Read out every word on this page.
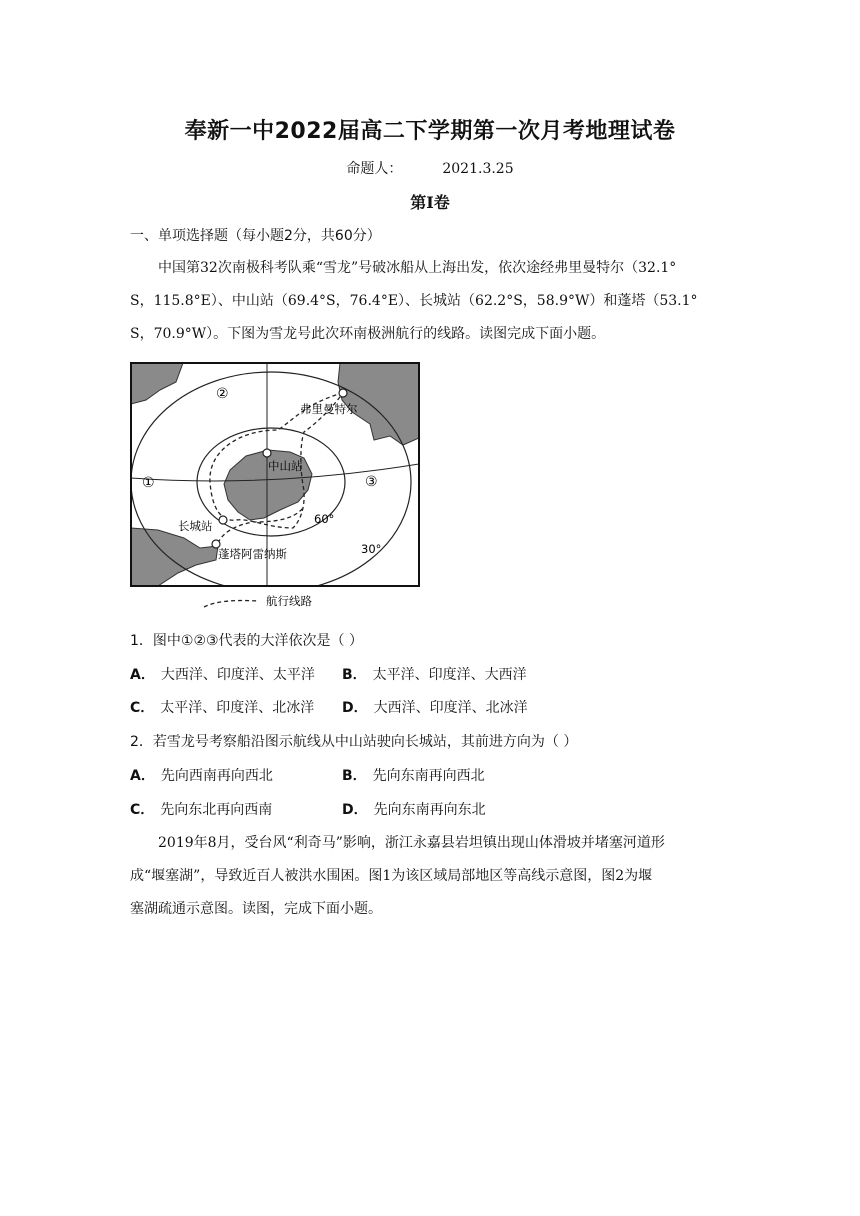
奉新一中2022届高二下学期第一次月考地理试卷
命题人：	2021.3.25
第Ⅰ卷
一、单项选择题（每小题2分，共60分）

中国第32次南极科考队乘“雪龙”号破冰船从上海出发，依次途经弗里曼特尔（32.1°

S，115.8°E）、中山站（69.4°S，76.4°E）、长城站（62.2°S，58.9°W）和蓬塔（53.1°

S，70.9°W）。下图为雪龙号此次环南极洲航行的线路。读图完成下面小题。

②
①	③
弗里曼特尔
中山站
长城站
蓬塔阿雷纳斯
60°
30°
航行线路
1．图中①②③代表的大洋依次是（ ）
A． 大西洋、印度洋、太平洋 B． 太平洋、印度洋、大西洋
C． 太平洋、印度洋、北冰洋 D． 大西洋、印度洋、北冰洋
2．若雪龙号考察船沿图示航线从中山站驶向长城站，其前进方向为（ ）
A． 先向西南再向西北	B． 先向东南再向西北
C． 先向东北再向西南	D． 先向东南再向东北

2019年8月，受台风“利奇马”影响，浙江永嘉县岩坦镇出现山体滑坡并堵塞河道形

成“堰塞湖”，导致近百人被洪水围困。图1为该区域局部地区等高线示意图，图2为堰

塞湖疏通示意图。读图，完成下面小题。
